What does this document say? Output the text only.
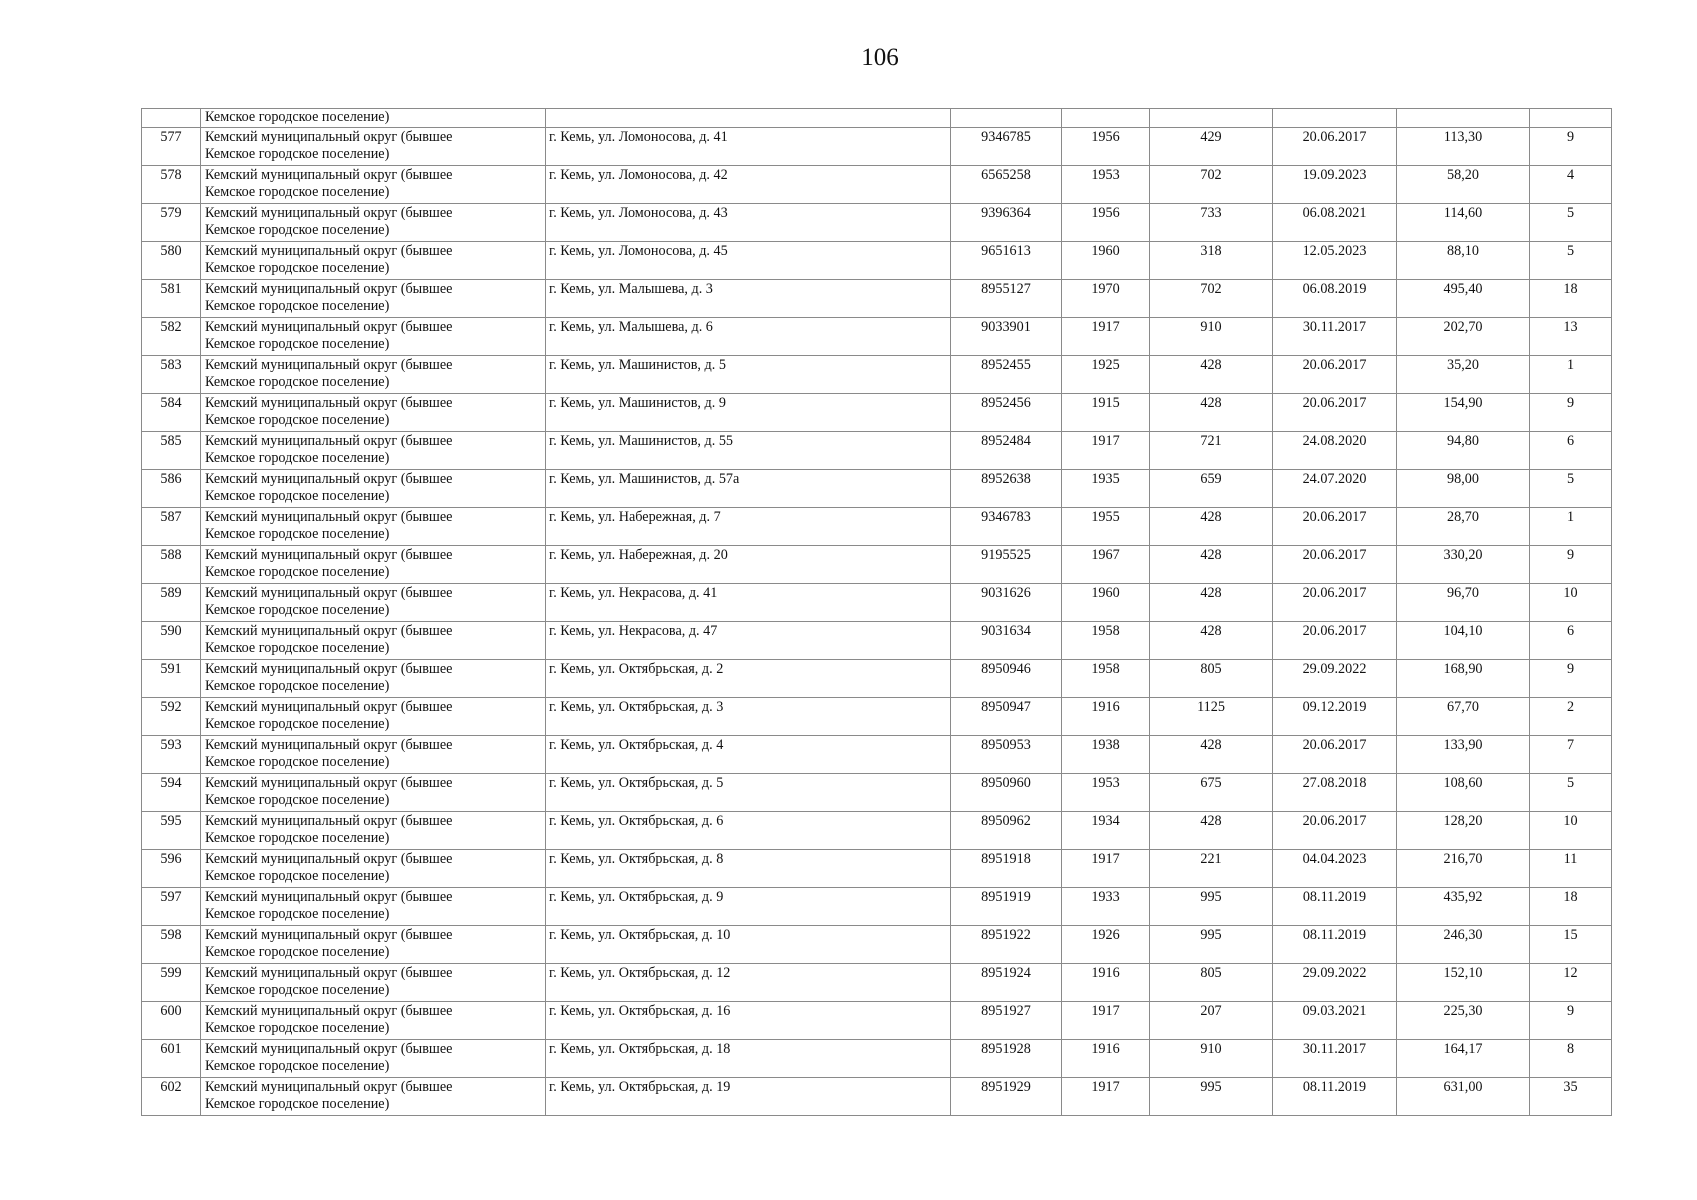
106
	Кемское городское поселение)							
577	Кемский муниципальный округ (бывшее
Кемское городское поселение)	г. Кемь, ул. Ломоносова, д. 41	9346785	1956	429	20.06.2017	113,30	9
578	Кемский муниципальный округ (бывшее
Кемское городское поселение)	г. Кемь, ул. Ломоносова, д. 42	6565258	1953	702	19.09.2023	58,20	4
579	Кемский муниципальный округ (бывшее
Кемское городское поселение)	г. Кемь, ул. Ломоносова, д. 43	9396364	1956	733	06.08.2021	114,60	5
580	Кемский муниципальный округ (бывшее
Кемское городское поселение)	г. Кемь, ул. Ломоносова, д. 45	9651613	1960	318	12.05.2023	88,10	5
581	Кемский муниципальный округ (бывшее
Кемское городское поселение)	г. Кемь, ул. Малышева, д. 3	8955127	1970	702	06.08.2019	495,40	18
582	Кемский муниципальный округ (бывшее
Кемское городское поселение)	г. Кемь, ул. Малышева, д. 6	9033901	1917	910	30.11.2017	202,70	13
583	Кемский муниципальный округ (бывшее
Кемское городское поселение)	г. Кемь, ул. Машинистов, д. 5	8952455	1925	428	20.06.2017	35,20	1
584	Кемский муниципальный округ (бывшее
Кемское городское поселение)	г. Кемь, ул. Машинистов, д. 9	8952456	1915	428	20.06.2017	154,90	9
585	Кемский муниципальный округ (бывшее
Кемское городское поселение)	г. Кемь, ул. Машинистов, д. 55	8952484	1917	721	24.08.2020	94,80	6
586	Кемский муниципальный округ (бывшее
Кемское городское поселение)	г. Кемь, ул. Машинистов, д. 57а	8952638	1935	659	24.07.2020	98,00	5
587	Кемский муниципальный округ (бывшее
Кемское городское поселение)	г. Кемь, ул. Набережная, д. 7	9346783	1955	428	20.06.2017	28,70	1
588	Кемский муниципальный округ (бывшее
Кемское городское поселение)	г. Кемь, ул. Набережная, д. 20	9195525	1967	428	20.06.2017	330,20	9
589	Кемский муниципальный округ (бывшее
Кемское городское поселение)	г. Кемь, ул. Некрасова, д. 41	9031626	1960	428	20.06.2017	96,70	10
590	Кемский муниципальный округ (бывшее
Кемское городское поселение)	г. Кемь, ул. Некрасова, д. 47	9031634	1958	428	20.06.2017	104,10	6
591	Кемский муниципальный округ (бывшее
Кемское городское поселение)	г. Кемь, ул. Октябрьская, д. 2	8950946	1958	805	29.09.2022	168,90	9
592	Кемский муниципальный округ (бывшее
Кемское городское поселение)	г. Кемь, ул. Октябрьская, д. 3	8950947	1916	1125	09.12.2019	67,70	2
593	Кемский муниципальный округ (бывшее
Кемское городское поселение)	г. Кемь, ул. Октябрьская, д. 4	8950953	1938	428	20.06.2017	133,90	7
594	Кемский муниципальный округ (бывшее
Кемское городское поселение)	г. Кемь, ул. Октябрьская, д. 5	8950960	1953	675	27.08.2018	108,60	5
595	Кемский муниципальный округ (бывшее
Кемское городское поселение)	г. Кемь, ул. Октябрьская, д. 6	8950962	1934	428	20.06.2017	128,20	10
596	Кемский муниципальный округ (бывшее
Кемское городское поселение)	г. Кемь, ул. Октябрьская, д. 8	8951918	1917	221	04.04.2023	216,70	11
597	Кемский муниципальный округ (бывшее
Кемское городское поселение)	г. Кемь, ул. Октябрьская, д. 9	8951919	1933	995	08.11.2019	435,92	18
598	Кемский муниципальный округ (бывшее
Кемское городское поселение)	г. Кемь, ул. Октябрьская, д. 10	8951922	1926	995	08.11.2019	246,30	15
599	Кемский муниципальный округ (бывшее
Кемское городское поселение)	г. Кемь, ул. Октябрьская, д. 12	8951924	1916	805	29.09.2022	152,10	12
600	Кемский муниципальный округ (бывшее
Кемское городское поселение)	г. Кемь, ул. Октябрьская, д. 16	8951927	1917	207	09.03.2021	225,30	9
601	Кемский муниципальный округ (бывшее
Кемское городское поселение)	г. Кемь, ул. Октябрьская, д. 18	8951928	1916	910	30.11.2017	164,17	8
602	Кемский муниципальный округ (бывшее
Кемское городское поселение)	г. Кемь, ул. Октябрьская, д. 19	8951929	1917	995	08.11.2019	631,00	35
